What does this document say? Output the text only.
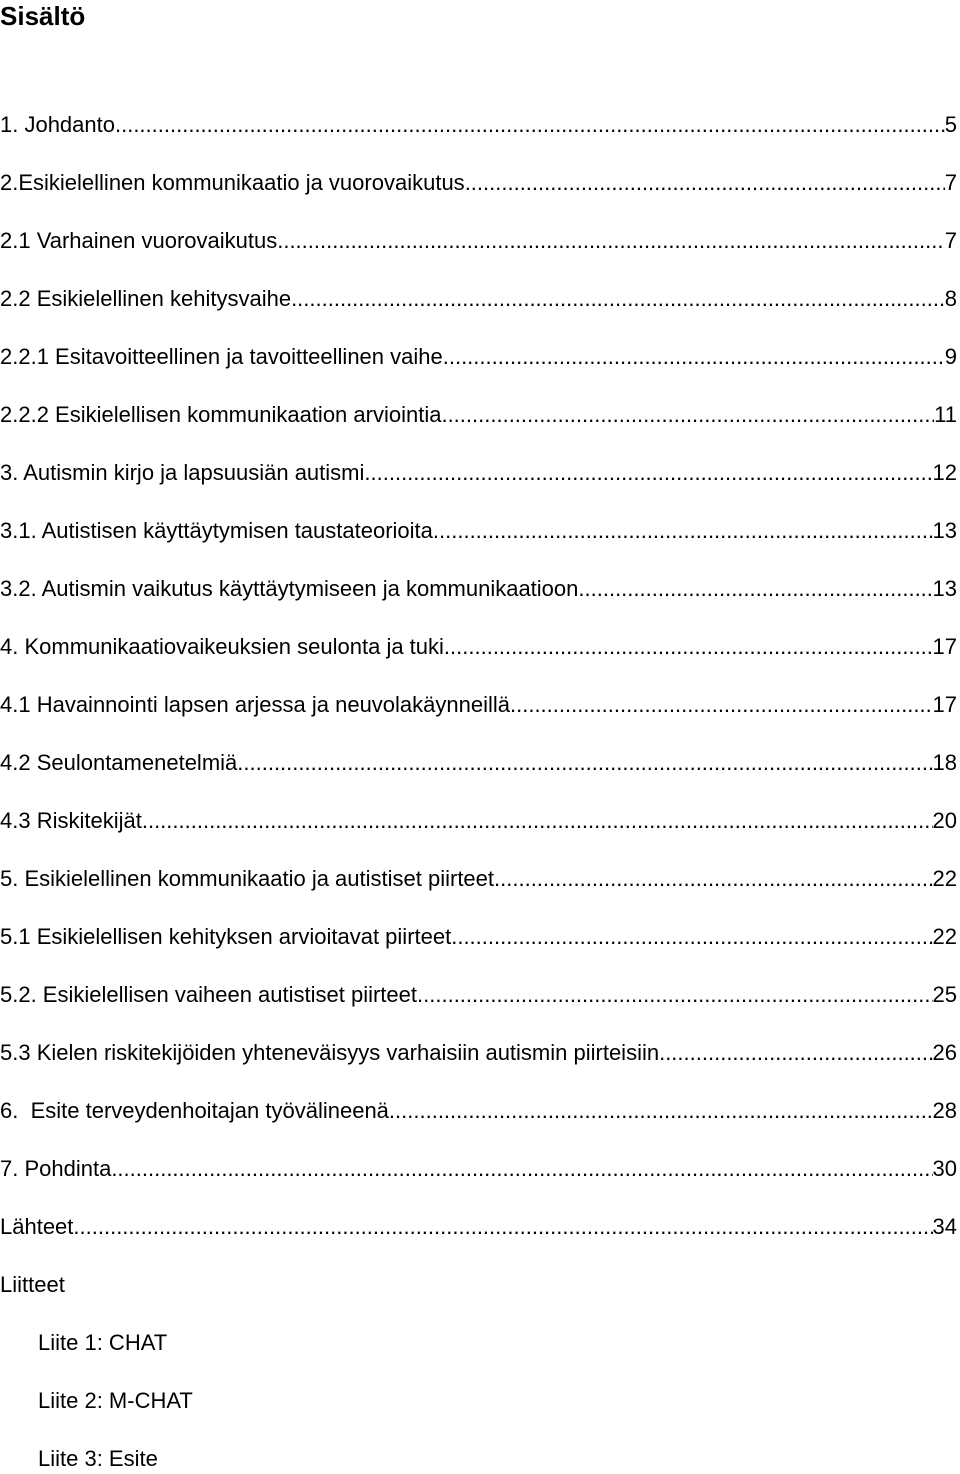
Sisältö
1. Johdanto .....	5
2.Esikielellinen kommunikaatio ja vuorovaikutus .....	7
2.1 Varhainen vuorovaikutus .....	7
2.2 Esikielellinen kehitysvaihe .....	8
2.2.1 Esitavoitteellinen ja tavoitteellinen vaihe .....	9
2.2.2 Esikielellisen kommunikaation arviointia .....	11
3. Autismin kirjo ja lapsuusiän autismi .....	12
3.1. Autistisen käyttäytymisen taustateorioita .....	13
3.2. Autismin vaikutus käyttäytymiseen ja kommunikaatioon .....	13
4. Kommunikaatiovaikeuksien seulonta ja tuki .....	17
4.1 Havainnointi lapsen arjessa ja neuvolakäynneillä .....	17
4.2 Seulontamenetelmiä .....	18
4.3 Riskitekijät .....	20
5. Esikielellinen kommunikaatio ja autistiset piirteet .....	22
5.1 Esikielellisen kehityksen arvioitavat piirteet .....	22
5.2. Esikielellisen vaiheen autistiset piirteet .....	25
5.3 Kielen riskitekijöiden yhteneväisyys varhaisiin autismin piirteisiin .....	26
6.  Esite terveydenhoitajan työvälineenä .....	28
7. Pohdinta .....	30
Lähteet .....	34
Liitteet
Liite 1: CHAT
Liite 2: M-CHAT
Liite 3: Esite
